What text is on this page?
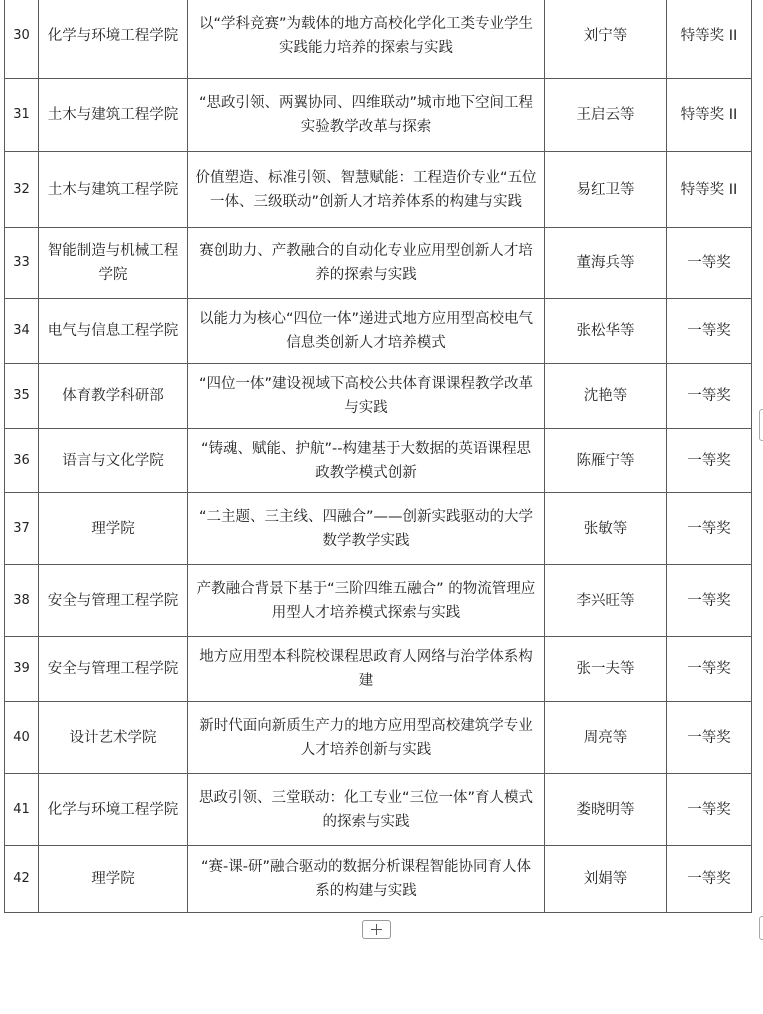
30	化学与环境工程学院	以“学科竞赛”为载体的地方高校化学化工类专业学生实践能力培养的探索与实践	刘宁等	特等奖 II
31	土木与建筑工程学院	“思政引领、两翼协同、四维联动”城市地下空间工程实验教学改革与探索	王启云等	特等奖 II
32	土木与建筑工程学院	价值塑造、标准引领、智慧赋能：工程造价专业“五位一体、三级联动”创新人才培养体系的构建与实践	易红卫等	特等奖 II
33	智能制造与机械工程学院	赛创助力、产教融合的自动化专业应用型创新人才培养的探索与实践	董海兵等	一等奖
34	电气与信息工程学院	以能力为核心“四位一体”递进式地方应用型高校电气信息类创新人才培养模式	张松华等	一等奖
35	体育教学科研部	“四位一体”建设视域下高校公共体育课课程教学改革与实践	沈艳等	一等奖
36	语言与文化学院	“铸魂、赋能、护航”--构建基于大数据的英语课程思政教学模式创新	陈雁宁等	一等奖
37	理学院	“二主题、三主线、四融合”——创新实践驱动的大学数学教学实践	张敏等	一等奖
38	安全与管理工程学院	产教融合背景下基于“三阶四维五融合” 的物流管理应用型人才培养模式探索与实践	李兴旺等	一等奖
39	安全与管理工程学院	地方应用型本科院校课程思政育人网络与治学体系构建	张一夫等	一等奖
40	设计艺术学院	新时代面向新质生产力的地方应用型高校建筑学专业人才培养创新与实践	周亮等	一等奖
41	化学与环境工程学院	思政引领、三堂联动：化工专业“三位一体”育人模式的探索与实践	娄晓明等	一等奖
42	理学院	“赛-课-研”融合驱动的数据分析课程智能协同育人体系的构建与实践	刘娟等	一等奖
